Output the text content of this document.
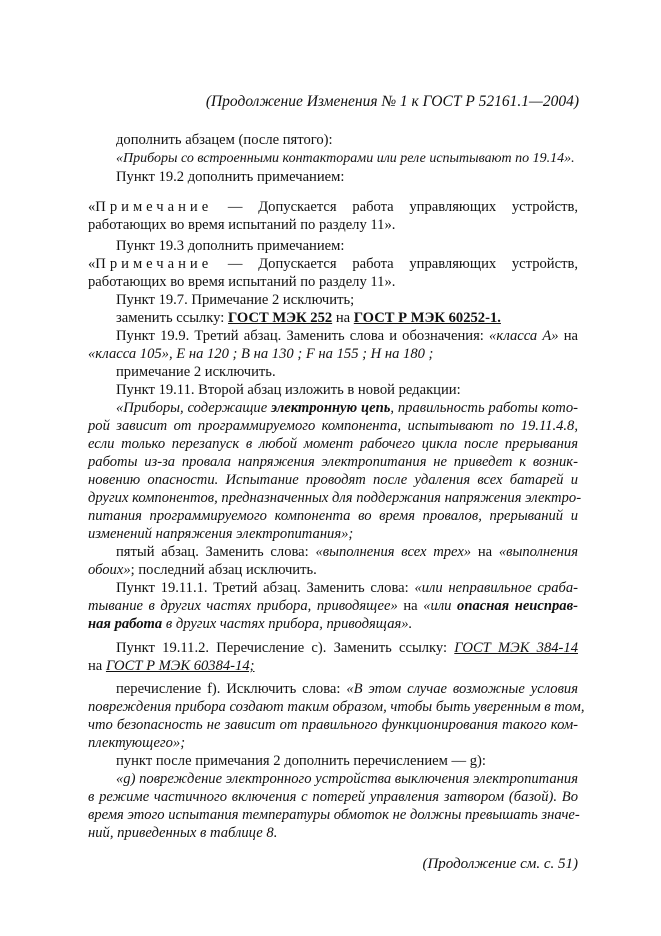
(Продолжение Изменения № 1 к ГОСТ Р 52161.1—2004)
дополнить абзацем (после пятого):
«Приборы со встроенными контакторами или реле испытывают по 19.14».
Пункт 19.2 дополнить примечанием:
«Примечание — Допускается работа управляющих устройств,
работающих во время испытаний по разделу 11».
Пункт 19.3 дополнить примечанием:
«Примечание — Допускается работа управляющих устройств,
работающих во время испытаний по разделу 11».
Пункт 19.7. Примечание 2 исключить;
заменить ссылку: ГОСТ МЭК 252 на ГОСТ Р МЭК 60252-1.
Пункт 19.9. Третий абзац. Заменить слова и обозначения: «класса А» на
«класса 105», Е на 120 ; В на 130 ; F на 155 ; Н на 180 ;
примечание 2 исключить.
Пункт 19.11. Второй абзац изложить в новой редакции:
«Приборы, содержащие электронную цепь, правильность работы кото-
рой зависит от программируемого компонента, испытывают по 19.11.4.8,
если только перезапуск в любой момент рабочего цикла после прерывания
работы из-за провала напряжения электропитания не приведет к возник-
новению опасности. Испытание проводят после удаления всех батарей и
других компонентов, предназначенных для поддержания напряжения электро-
питания программируемого компонента во время провалов, прерываний и
изменений напряжения электропитания»;
пятый абзац. Заменить слова: «выполнения всех трех» на «выполнения
обоих»; последний абзац исключить.
Пункт 19.11.1. Третий абзац. Заменить слова: «или неправильное сраба-
тывание в других частях прибора, приводящее» на «или опасная неисправ-
ная работа в других частях прибора, приводящая».
Пункт 19.11.2. Перечисление с). Заменить ссылку: ГОСТ МЭК 384-14
на ГОСТ Р МЭК 60384-14;
перечисление f). Исключить слова: «В этом случае возможные условия
повреждения прибора создают таким образом, чтобы быть уверенным в том,
что безопасность не зависит от правильного функционирования такого ком-
плектующего»;
пункт после примечания 2 дополнить перечислением — g):
«g) повреждение электронного устройства выключения электропитания
в режиме частичного включения с потерей управления затвором (базой). Во
время этого испытания температуры обмоток не должны превышать значе-
ний, приведенных в таблице 8.
(Продолжение см. с. 51)
